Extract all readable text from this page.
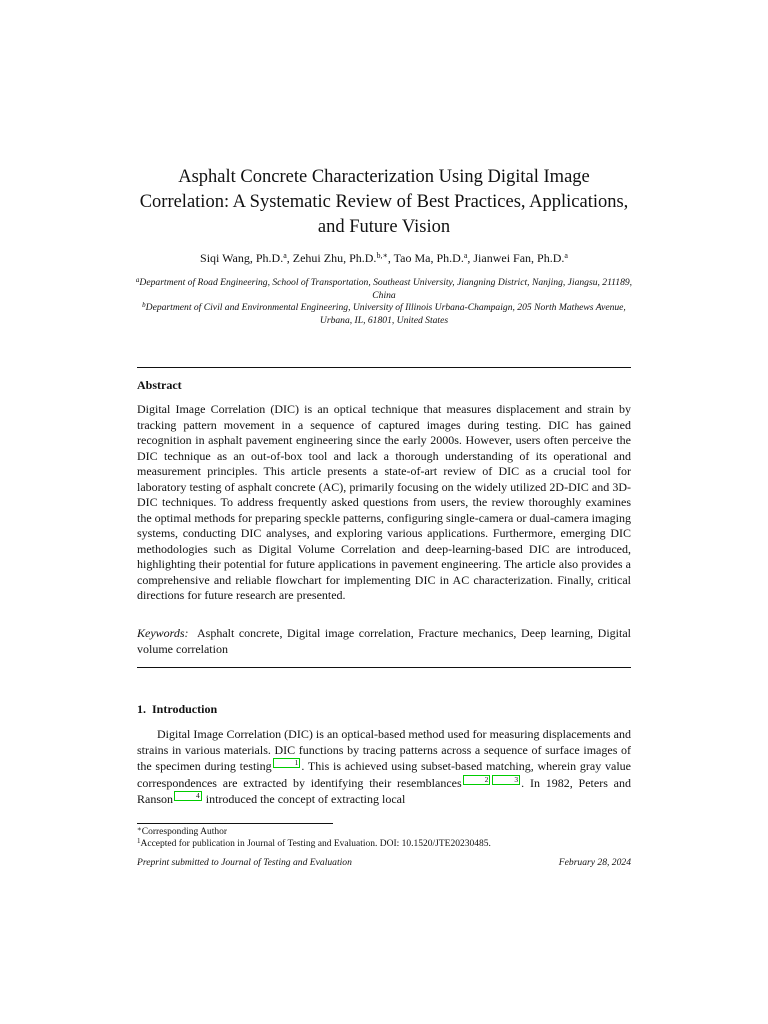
Asphalt Concrete Characterization Using Digital Image Correlation: A Systematic Review of Best Practices, Applications, and Future Vision
Siqi Wang, Ph.D.$^a$, Zehui Zhu, Ph.D.$^{b,∗}$, Tao Ma, Ph.D.$^a$, Jianwei Fan, Ph.D.$^a$
$^a$Department of Road Engineering, School of Transportation, Southeast University, Jiangning District, Nanjing, Jiangsu, 211189, China
$^b$Department of Civil and Environmental Engineering, University of Illinois Urbana-Champaign, 205 North Mathews Avenue, Urbana, IL, 61801, United States
Abstract
Digital Image Correlation (DIC) is an optical technique that measures displacement and strain by tracking pattern movement in a sequence of captured images during testing. DIC has gained recognition in asphalt pavement engineering since the early 2000s. However, users often perceive the DIC technique as an out-of-box tool and lack a thorough understanding of its operational and measurement principles. This article presents a state-of-art review of DIC as a crucial tool for laboratory testing of asphalt concrete (AC), primarily focusing on the widely utilized 2D-DIC and 3D-DIC techniques. To address frequently asked questions from users, the review thoroughly examines the optimal methods for preparing speckle patterns, configuring single-camera or dual-camera imaging systems, conducting DIC analyses, and exploring various applications. Furthermore, emerging DIC methodologies such as Digital Volume Correlation and deep-learning-based DIC are introduced, highlighting their potential for future applications in pavement engineering. The article also provides a comprehensive and reliable flowchart for implementing DIC in AC characterization. Finally, critical directions for future research are presented.
Keywords: Asphalt concrete, Digital image correlation, Fracture mechanics, Deep learning, Digital volume correlation
1. Introduction
Digital Image Correlation (DIC) is an optical-based method used for measuring displacements and strains in various materials. DIC functions by tracing patterns across a sequence of surface images of the specimen during testing	1 . This is achieved using subset-based matching, wherein gray value correspondences are extracted by identifying their resemblances	2	3 . In 1982, Peters and Ranson	4 introduced the concept of extracting local
∗Corresponding Author
$^1$Accepted for publication in Journal of Testing and Evaluation. DOI: 10.1520/JTE20230485.
Preprint submitted to Journal of Testing and Evaluation	February 28, 2024
